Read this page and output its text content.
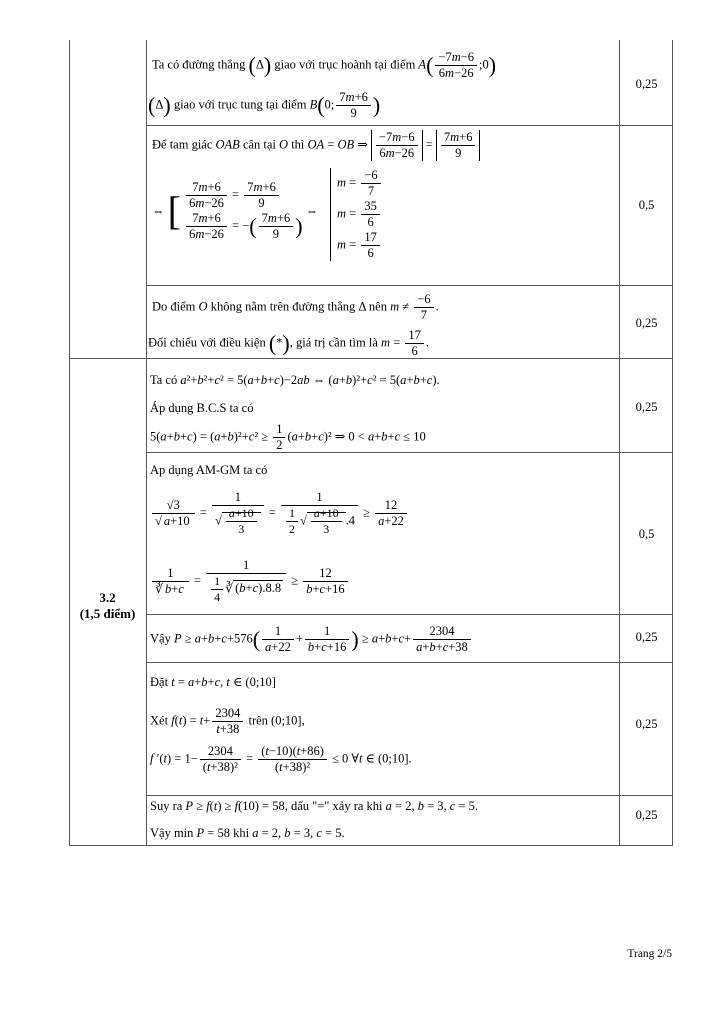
0,25
0,5
0,25
0,25
0,5
0,25
0,25
0,25
3.2
(1,5 điểm)
Ta có đường thẳng (Δ) giao với trục hoành tại điểm $A( \frac{-7m-6}{6m-26}$ ;0)
(Δ) giao với trục tung tại điểm B(0; $\frac{7m+6}{9}$ )
Để tam giác OAB cân tại O thì OA = OB ⇒ $\frac{-7m-6}{6m-26} = \frac{7m+6}{9}$
⇔ [ $\frac{7m+6}{6m-26} = \frac{7m+6}{9}$

$\frac{7m+6}{6m-26}$ = −( $\frac{7m+6}{9}$ ) ⇔
$m = \frac{-6}{7}$
$m = \frac{35}{6}$
$m = \frac{17}{6}$
Do điểm O không nằm trên đường thẳng Δ nên $m \ne \frac{-6}{7}$ .
Đối chiếu với điều kiện (*), giá trị cần tìm là $m = \frac{17}{6}$ .
Ta có a²+b²+c² = 5(a+b+c)−2ab ⇔ (a+b)²+c² = 5(a+b+c).
Áp dụng B.C.S ta có
$5(a+b+c) = (a+b)^2+c^2 \ge \frac{1}{2} (a+b+c)^2$ ⇒ 0 < a+b+c ≤ 10
Ap dụng AM-GM ta có
$\frac{√3}{√ a+10} = \frac{1}{√ \frac{a+10}{3}} = \frac{1}{\frac{1}{2} √ \frac{a+10}{3} .4} \ge \frac{12}{a+22}$
$\frac{1}{∛ b+c} = \frac{1}{\frac{1}{4} ∛ (b+c).8.8} \ge \frac{12}{b+c+16}$
Vậy $P \ge a+b+c+576( \frac{1}{a+22} + \frac{1}{b+c+16}$ ) ≥ $a+b+c+ \frac{2304}{a+b+c+38}$
Đặt t = a+b+c, t ∈ (0;10]
Xét $f(t) = t+ \frac{2304}{t+38}$ trên (0;10],
f $'(t) = 1- \frac{2304}{\text{(t+38)²}} = \frac{(t-10)(t+86)}{\text{(t+38)²}} \le 0$ ∀t ∈ (0;10].
Suy ra P ≥ f(t) ≥ f(10) = 58, dấu "=" xảy ra khi a = 2, b = 3, c = 5.
Vậy min P = 58 khi a = 2, b = 3, c = 5.
Trang 2/5
